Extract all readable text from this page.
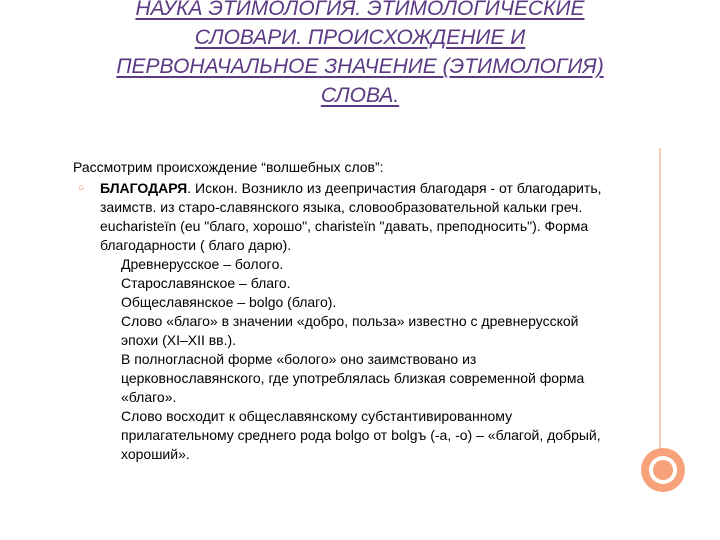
НАУКА ЭТИМОЛОГИЯ. ЭТИМОЛОГИЧЕСКИЕ
СЛОВАРИ. ПРОИСХОЖДЕНИЕ И
ПЕРВОНАЧАЛЬНОЕ ЗНАЧЕНИЕ (ЭТИМОЛОГИЯ)
СЛОВА.
Рассмотрим происхождение “волшебных слов”:
○ БЛАГОДАРЯ. Искон. Возникло из деепричастия благодаря - от благодарить,
заимств. из старо-славянского языка, словообразовательной кальки греч.
eucharisteïn (eu "благо, хорошо", charisteïn "давать, преподносить"). Форма
благодарности ( благо дарю).
Древнерусское – бологo.
Старославянское – благо.
Общеславянское – bolgo (благо).
Слово «благо» в значении «добро, польза» известно с древнерусской
эпохи (XI–XII вв.).
В полногласной форме «бологo» оно заимствовано из
церковнославянского, где употреблялась близкая современной форма
«благо».
Слово восходит к общеславянскому субстантивированному
прилагательному среднего рода bolgo от bolgъ (-a, -o) – «благой, добрый,
хороший».
